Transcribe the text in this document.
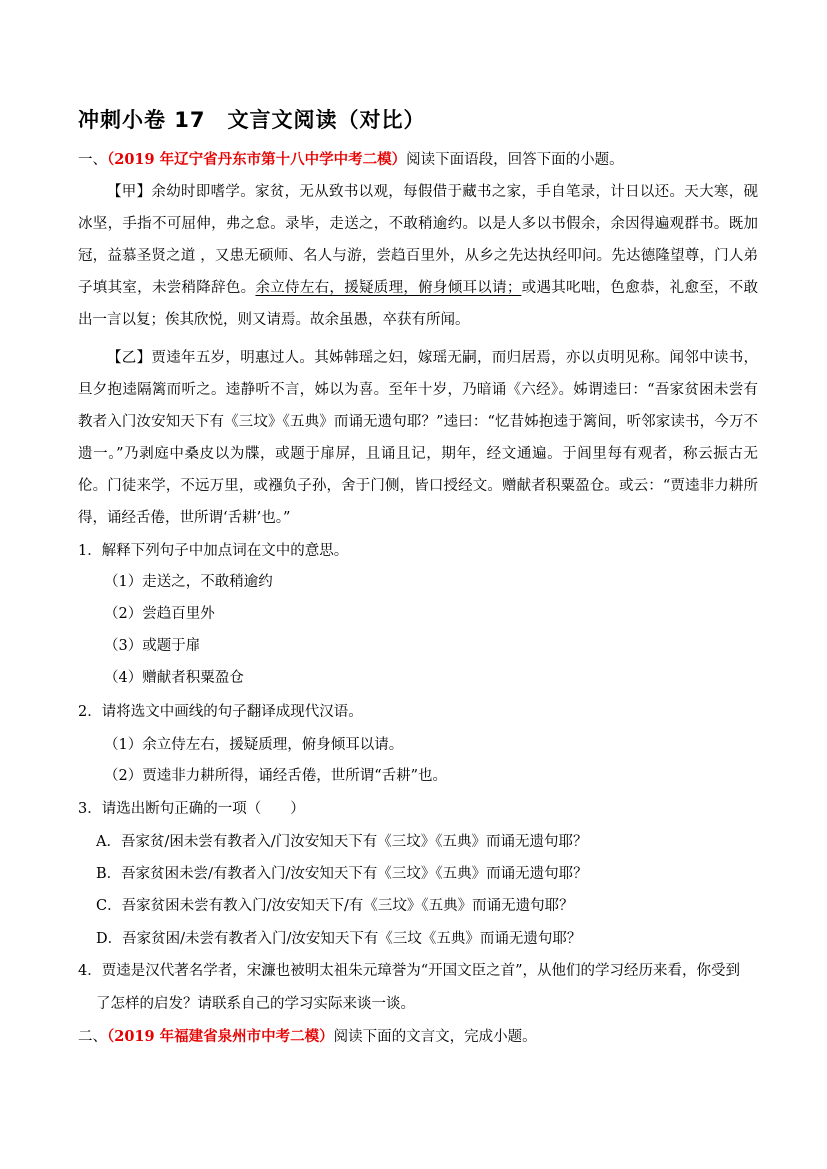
冲刺小卷 17　文言文阅读（对比）
一、（2019 年辽宁省丹东市第十八中学中考二模）阅读下面语段，回答下面的小题。

【甲】余幼时即嗜学。家贫，无从致书以观，每假借于藏书之家，手自笔录，计日以还。天大寒，砚冰坚，手指不可屈伸，弗之怠。录毕，走送之，不敢稍逾约。以是人多以书假余，余因得遍观群书。既加冠，益慕圣贤之道 ，又患无硕师、名人与游，尝趋百里外，从乡之先达执经叩问。先达德隆望尊，门人弟子填其室，未尝稍降辞色。余立侍左右，援疑质理，俯身倾耳以请；或遇其叱咄，色愈恭，礼愈至，不敢出一言以复；俟其欣悦，则又请焉。故余虽愚，卒获有所闻。

【乙】贾逵年五岁，明惠过人。其姊韩瑶之妇，嫁瑶无嗣，而归居焉，亦以贞明见称。闻邻中读书，旦夕抱逵隔篱而听之。逵静听不言，姊以为喜。至年十岁，乃暗诵《六经》。姊谓逵曰：“吾家贫困未尝有教者入门汝安知天下有《三坟》《五典》而诵无遗句耶？”逵曰：“忆昔姊抱逵于篱间，听邻家读书，今万不遗一。”乃剥庭中桑皮以为牒，或题于扉屏，且诵且记，期年，经文通遍。于闾里每有观者，称云振古无伦。门徒来学，不远万里，或襁负子孙，舍于门侧，皆口授经文。赠献者积粟盈仓。或云：“贾逵非力耕所得，诵经舌倦，世所谓‘舌耕’也。”

1．解释下列句子中加点词在文中的意思。
（1）走送之，不敢稍逾约
（2）尝趋百里外
（3）或题于扉
（4）赠献者积粟盈仓
2．请将选文中画线的句子翻译成现代汉语。
（1）余立侍左右，援疑质理，俯身倾耳以请。
（2）贾逵非力耕所得，诵经舌倦，世所谓“舌耕”也。
3．请选出断句正确的一项（　　）
A．吾家贫/困未尝有教者入/门汝安知天下有《三坟》《五典》而诵无遗句耶？
B．吾家贫困未尝/有教者入门/汝安知天下有《三坟》《五典》而诵无遗句耶？
C．吾家贫困未尝有教入门/汝安知天下/有《三坟》《五典》而诵无遗句耶？
D．吾家贫困/未尝有教者入门/汝安知天下有《三坟《五典》而诵无遗句耶？
4．贾逵是汉代著名学者，宋濂也被明太祖朱元璋誉为“开国文臣之首”，从他们的学习经历来看，你受到
了怎样的启发？请联系自己的学习实际来谈一谈。
二、（2019 年福建省泉州市中考二模）阅读下面的文言文，完成小题。
